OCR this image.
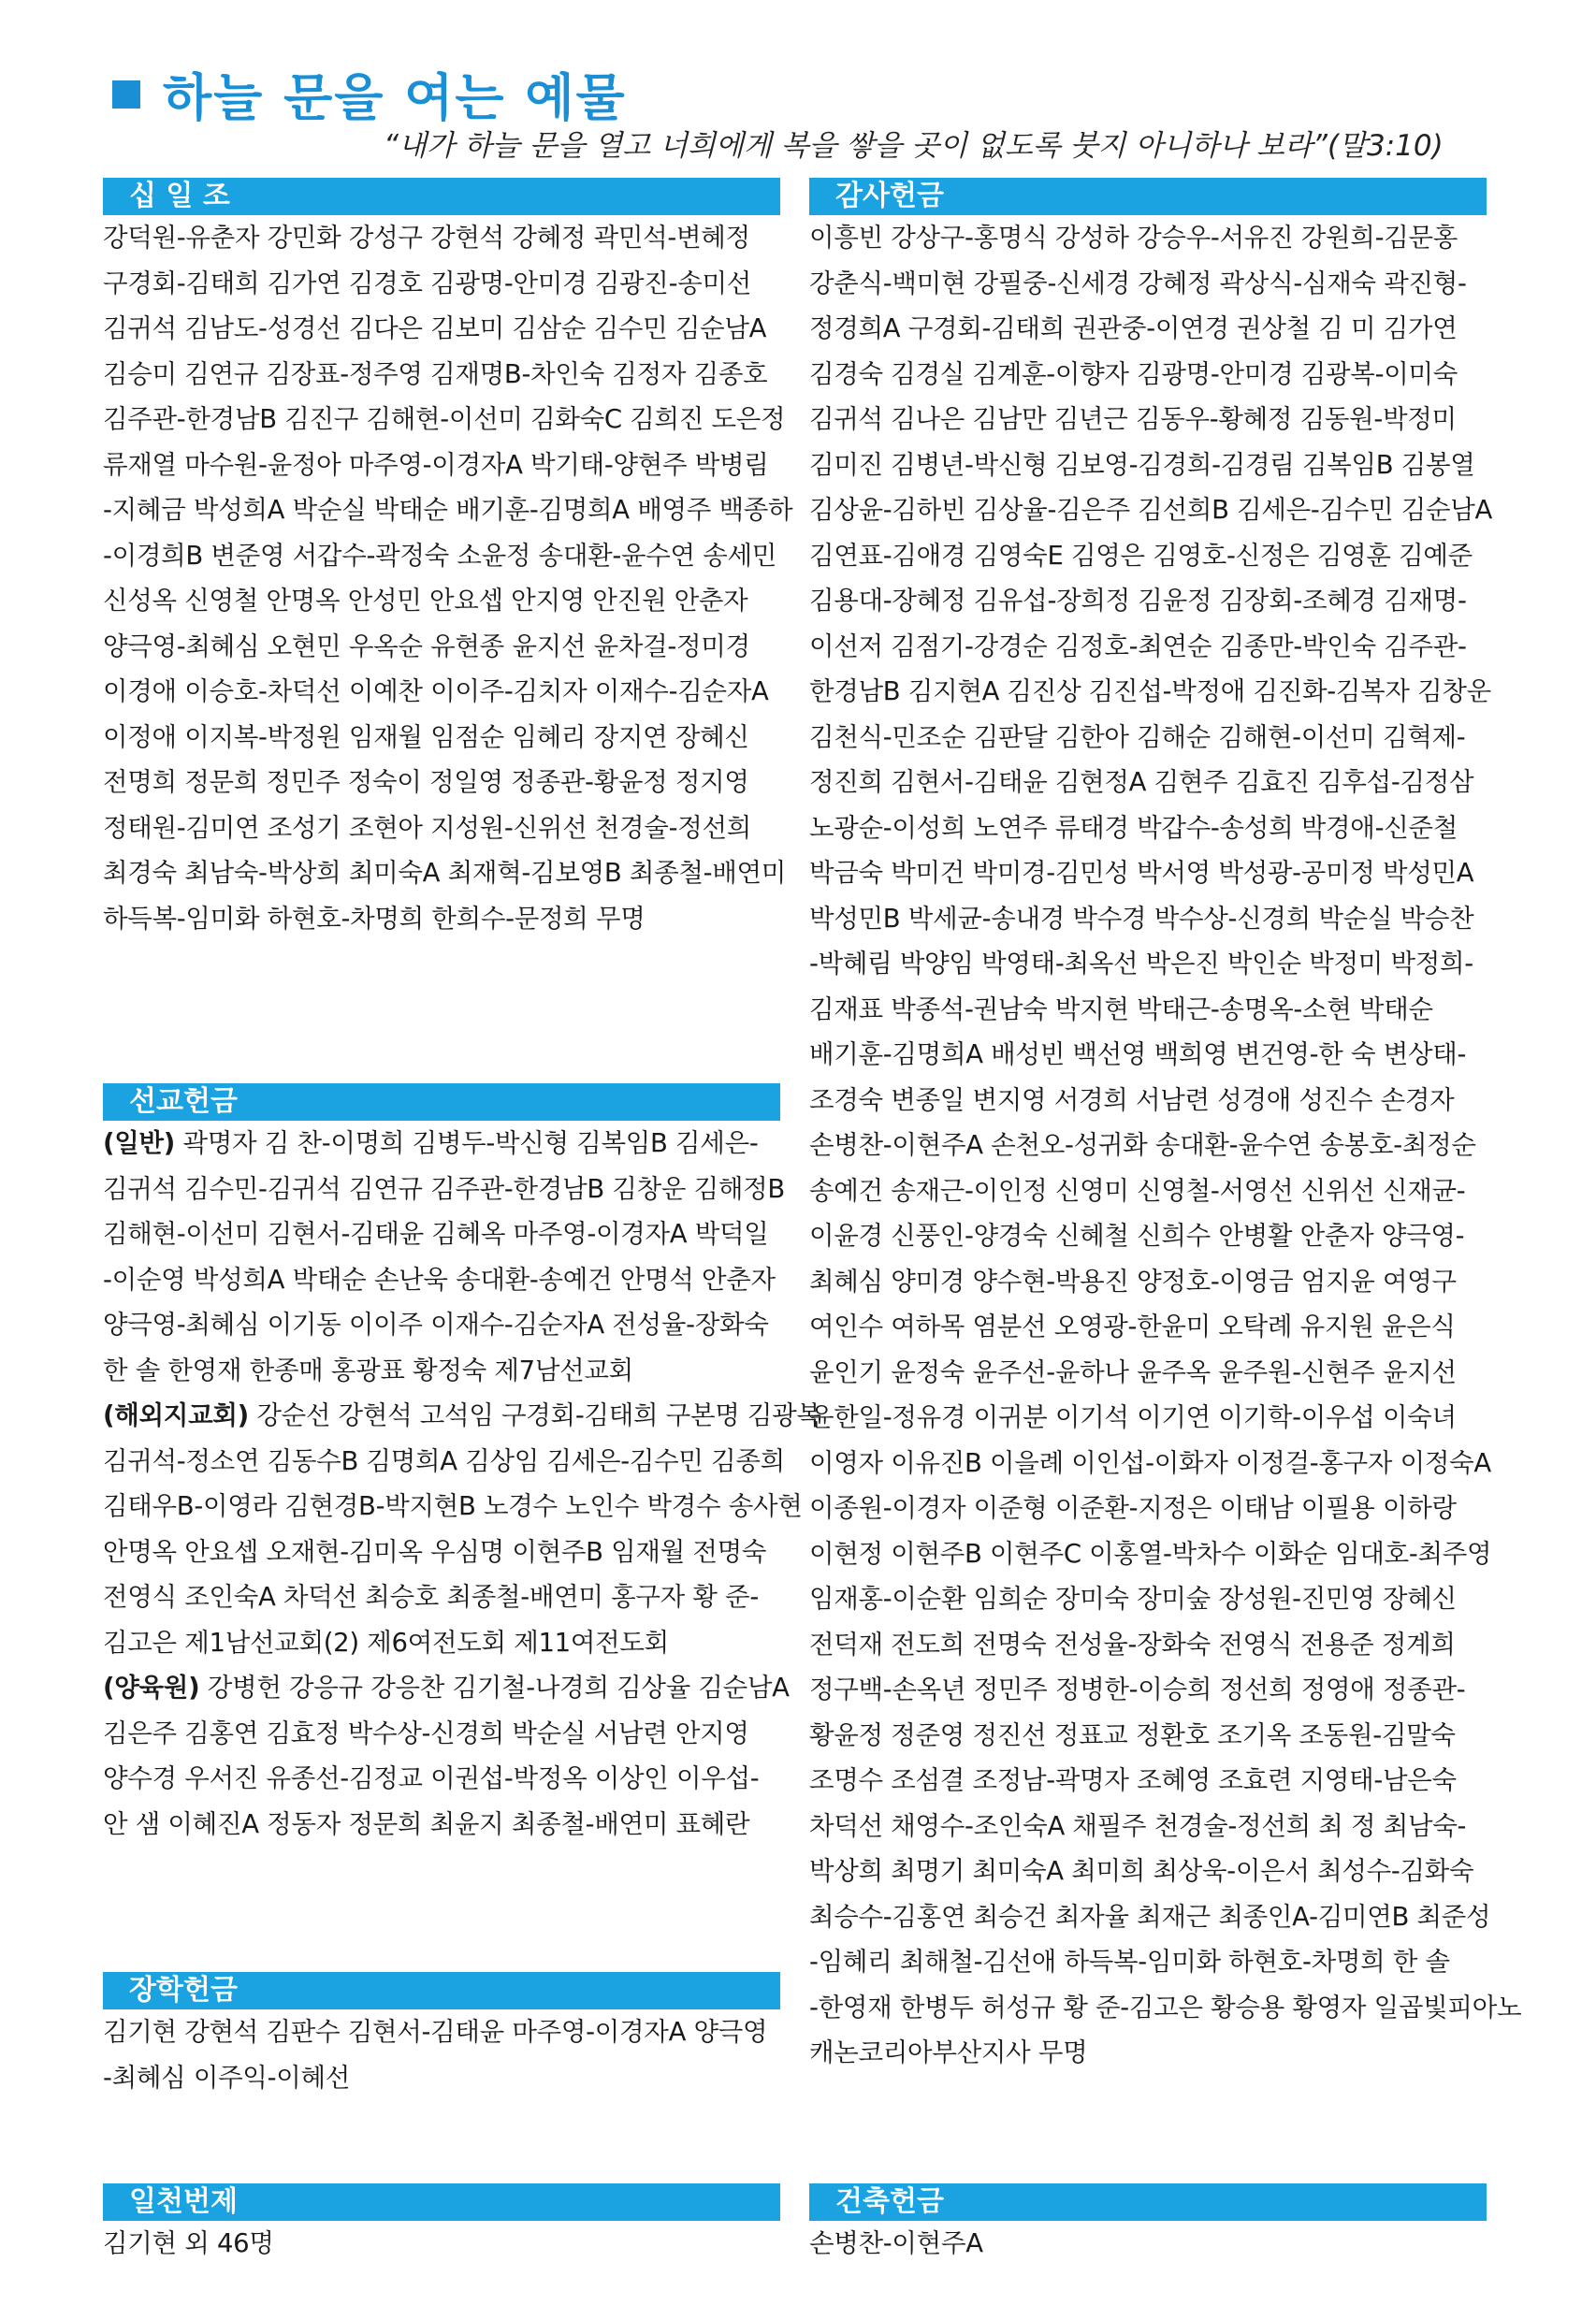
하늘 문을 여는 예물
“내가 하늘 문을 열고 너희에게 복을 쌓을 곳이 없도록 붓지 아니하나 보라”(말3:10)
십 일 조
강덕원-유춘자 강민화 강성구 강현석 강혜정 곽민석-변혜정
구경회-김태희 김가연 김경호 김광명-안미경 김광진-송미선
김귀석 김남도-성경선 김다은 김보미 김삼순 김수민 김순남A
김승미 김연규 김장표-정주영 김재명B-차인숙 김정자 김종호
김주관-한경남B 김진구 김해현-이선미 김화숙C 김희진 도은정
류재열 마수원-윤정아 마주영-이경자A 박기태-양현주 박병림
-지혜금 박성희A 박순실 박태순 배기훈-김명희A 배영주 백종하
-이경희B 변준영 서갑수-곽정숙 소윤정 송대환-윤수연 송세민
신성옥 신영철 안명옥 안성민 안요셉 안지영 안진원 안춘자
양극영-최혜심 오현민 우옥순 유현종 윤지선 윤차걸-정미경
이경애 이승호-차덕선 이예찬 이이주-김치자 이재수-김순자A
이정애 이지복-박정원 임재월 임점순 임혜리 장지연 장혜신
전명희 정문희 정민주 정숙이 정일영 정종관-황윤정 정지영
정태원-김미연 조성기 조현아 지성원-신위선 천경술-정선희
최경숙 최남숙-박상희 최미숙A 최재혁-김보영B 최종철-배연미
하득복-임미화 하현호-차명희 한희수-문정희 무명
선교헌금
(일반) 곽명자 김 찬-이명희 김병두-박신형 김복임B 김세은-
김귀석 김수민-김귀석 김연규 김주관-한경남B 김창운 김해정B
김해현-이선미 김현서-김태윤 김혜옥 마주영-이경자A 박덕일
-이순영 박성희A 박태순 손난욱 송대환-송예건 안명석 안춘자
양극영-최혜심 이기동 이이주 이재수-김순자A 전성율-장화숙
한 솔 한영재 한종매 홍광표 황정숙 제7남선교회
(해외지교회) 강순선 강현석 고석임 구경회-김태희 구본명 김광복
김귀석-정소연 김동수B 김명희A 김상임 김세은-김수민 김종희
김태우B-이영라 김현경B-박지현B 노경수 노인수 박경수 송사현
안명옥 안요셉 오재현-김미옥 우심명 이현주B 임재월 전명숙
전영식 조인숙A 차덕선 최승호 최종철-배연미 홍구자 황 준-
김고은 제1남선교회(2) 제6여전도회 제11여전도회
(양육원) 강병헌 강응규 강응찬 김기철-나경희 김상율 김순남A
김은주 김홍연 김효정 박수상-신경희 박순실 서남련 안지영
양수경 우서진 유종선-김정교 이권섭-박정옥 이상인 이우섭-
안 샘 이혜진A 정동자 정문희 최윤지 최종철-배연미 표혜란
장학헌금
김기현 강현석 김판수 김현서-김태윤 마주영-이경자A 양극영
-최혜심 이주익-이혜선
일천번제
김기현 외 46명
감사헌금
이흥빈 강상구-홍명식 강성하 강승우-서유진 강원희-김문홍
강춘식-백미현 강필중-신세경 강혜정 곽상식-심재숙 곽진형-
정경희A 구경회-김태희 권관중-이연경 권상철 김 미 김가연
김경숙 김경실 김계훈-이향자 김광명-안미경 김광복-이미숙
김귀석 김나은 김남만 김년근 김동우-황혜정 김동원-박정미
김미진 김병년-박신형 김보영-김경희-김경림 김복임B 김봉열
김상윤-김하빈 김상율-김은주 김선희B 김세은-김수민 김순남A
김연표-김애경 김영숙E 김영은 김영호-신정은 김영훈 김예준
김용대-장혜정 김유섭-장희정 김윤정 김장회-조혜경 김재명-
이선저 김점기-강경순 김정호-최연순 김종만-박인숙 김주관-
한경남B 김지현A 김진상 김진섭-박정애 김진화-김복자 김창운
김천식-민조순 김판달 김한아 김해순 김해현-이선미 김혁제-
정진희 김현서-김태윤 김현정A 김현주 김효진 김후섭-김정삼
노광순-이성희 노연주 류태경 박갑수-송성희 박경애-신준철
박금숙 박미건 박미경-김민성 박서영 박성광-공미정 박성민A
박성민B 박세균-송내경 박수경 박수상-신경희 박순실 박승찬
-박혜림 박양임 박영태-최옥선 박은진 박인순 박정미 박정희-
김재표 박종석-권남숙 박지현 박태근-송명옥-소현 박태순
배기훈-김명희A 배성빈 백선영 백희영 변건영-한 숙 변상태-
조경숙 변종일 변지영 서경희 서남련 성경애 성진수 손경자
손병찬-이현주A 손천오-성귀화 송대환-윤수연 송봉호-최정순
송예건 송재근-이인정 신영미 신영철-서영선 신위선 신재균-
이윤경 신풍인-양경숙 신혜철 신희수 안병활 안춘자 양극영-
최혜심 양미경 양수현-박용진 양정호-이영금 엄지윤 여영구
여인수 여하목 염분선 오영광-한윤미 오탁례 유지원 윤은식
윤인기 윤정숙 윤주선-윤하나 윤주옥 윤주원-신현주 윤지선
윤한일-정유경 이귀분 이기석 이기연 이기학-이우섭 이숙녀
이영자 이유진B 이을례 이인섭-이화자 이정걸-홍구자 이정숙A
이종원-이경자 이준형 이준환-지정은 이태남 이필용 이하랑
이현정 이현주B 이현주C 이홍열-박차수 이화순 임대호-최주영
임재홍-이순환 임희순 장미숙 장미숲 장성원-진민영 장혜신
전덕재 전도희 전명숙 전성율-장화숙 전영식 전용준 정계희
정구백-손옥년 정민주 정병한-이승희 정선희 정영애 정종관-
황윤정 정준영 정진선 정표교 정환호 조기옥 조동원-김말숙
조명수 조섬결 조정남-곽명자 조혜영 조효련 지영태-남은숙
차덕선 채영수-조인숙A 채필주 천경술-정선희 최 정 최남숙-
박상희 최명기 최미숙A 최미희 최상욱-이은서 최성수-김화숙
최승수-김홍연 최승건 최자율 최재근 최종인A-김미연B 최준성
-임혜리 최해철-김선애 하득복-임미화 하현호-차명희 한 솔
-한영재 한병두 허성규 황 준-김고은 황승용 황영자 일곱빛피아노
캐논코리아부산지사 무명
건축헌금
손병찬-이현주A
